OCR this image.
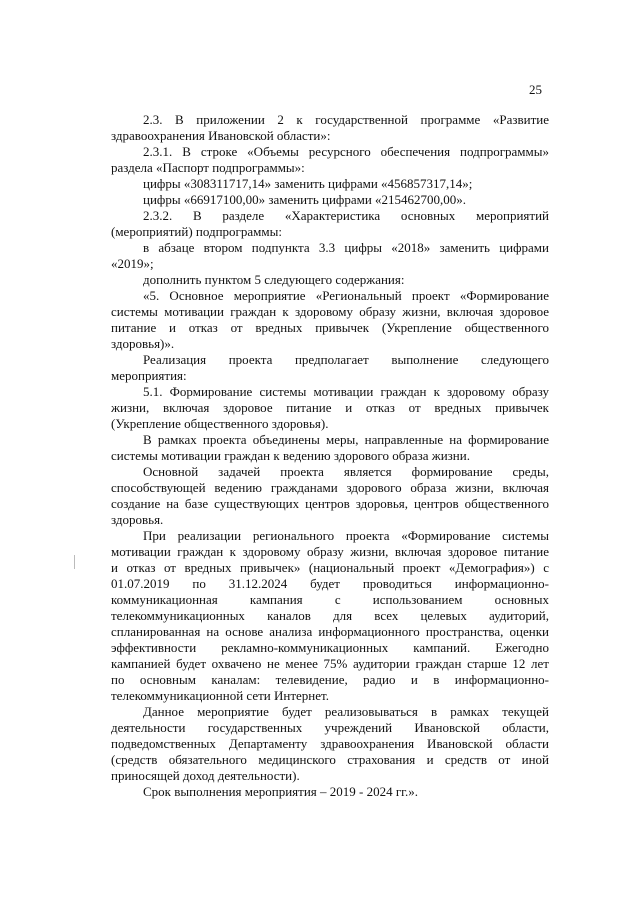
25
2.3. В приложении 2 к государственной программе «Развитие
здравоохранения Ивановской области»:
2.3.1. В строке «Объемы ресурсного обеспечения подпрограммы»
раздела «Паспорт подпрограммы»:
цифры «308311717,14» заменить цифрами «456857317,14»;
цифры «66917100,00» заменить цифрами «215462700,00».
2.3.2. В разделе «Характеристика основных мероприятий
(мероприятий) подпрограммы:
в абзаце втором подпункта 3.3 цифры «2018» заменить цифрами
«2019»;
дополнить пунктом 5 следующего содержания:
«5. Основное мероприятие «Региональный проект «Формирование
системы мотивации граждан к здоровому образу жизни, включая здоровое
питание и отказ от вредных привычек (Укрепление общественного
здоровья)».
Реализация проекта предполагает выполнение следующего
мероприятия:
5.1. Формирование системы мотивации граждан к здоровому образу
жизни, включая здоровое питание и отказ от вредных привычек
(Укрепление общественного здоровья).
В рамках проекта объединены меры, направленные на формирование
системы мотивации граждан к ведению здорового образа жизни.
Основной задачей проекта является формирование среды,
способствующей ведению гражданами здорового образа жизни, включая
создание на базе существующих центров здоровья, центров общественного
здоровья.
При реализации регионального проекта «Формирование системы
мотивации граждан к здоровому образу жизни, включая здоровое питание
и отказ от вредных привычек» (национальный проект «Демография») с
01.07.2019 по 31.12.2024 будет проводиться информационно-
коммуникационная кампания с использованием основных
телекоммуникационных каналов для всех целевых аудиторий,
спланированная на основе анализа информационного пространства, оценки
эффективности рекламно-коммуникационных кампаний. Ежегодно
кампанией будет охвачено не менее 75% аудитории граждан старше 12 лет
по основным каналам: телевидение, радио и в информационно-
телекоммуникационной сети Интернет.
Данное мероприятие будет реализовываться в рамках текущей
деятельности государственных учреждений Ивановской области,
подведомственных Департаменту здравоохранения Ивановской области
(средств обязательного медицинского страхования и средств от иной
приносящей доход деятельности).
Срок выполнения мероприятия – 2019 - 2024 гг.».
